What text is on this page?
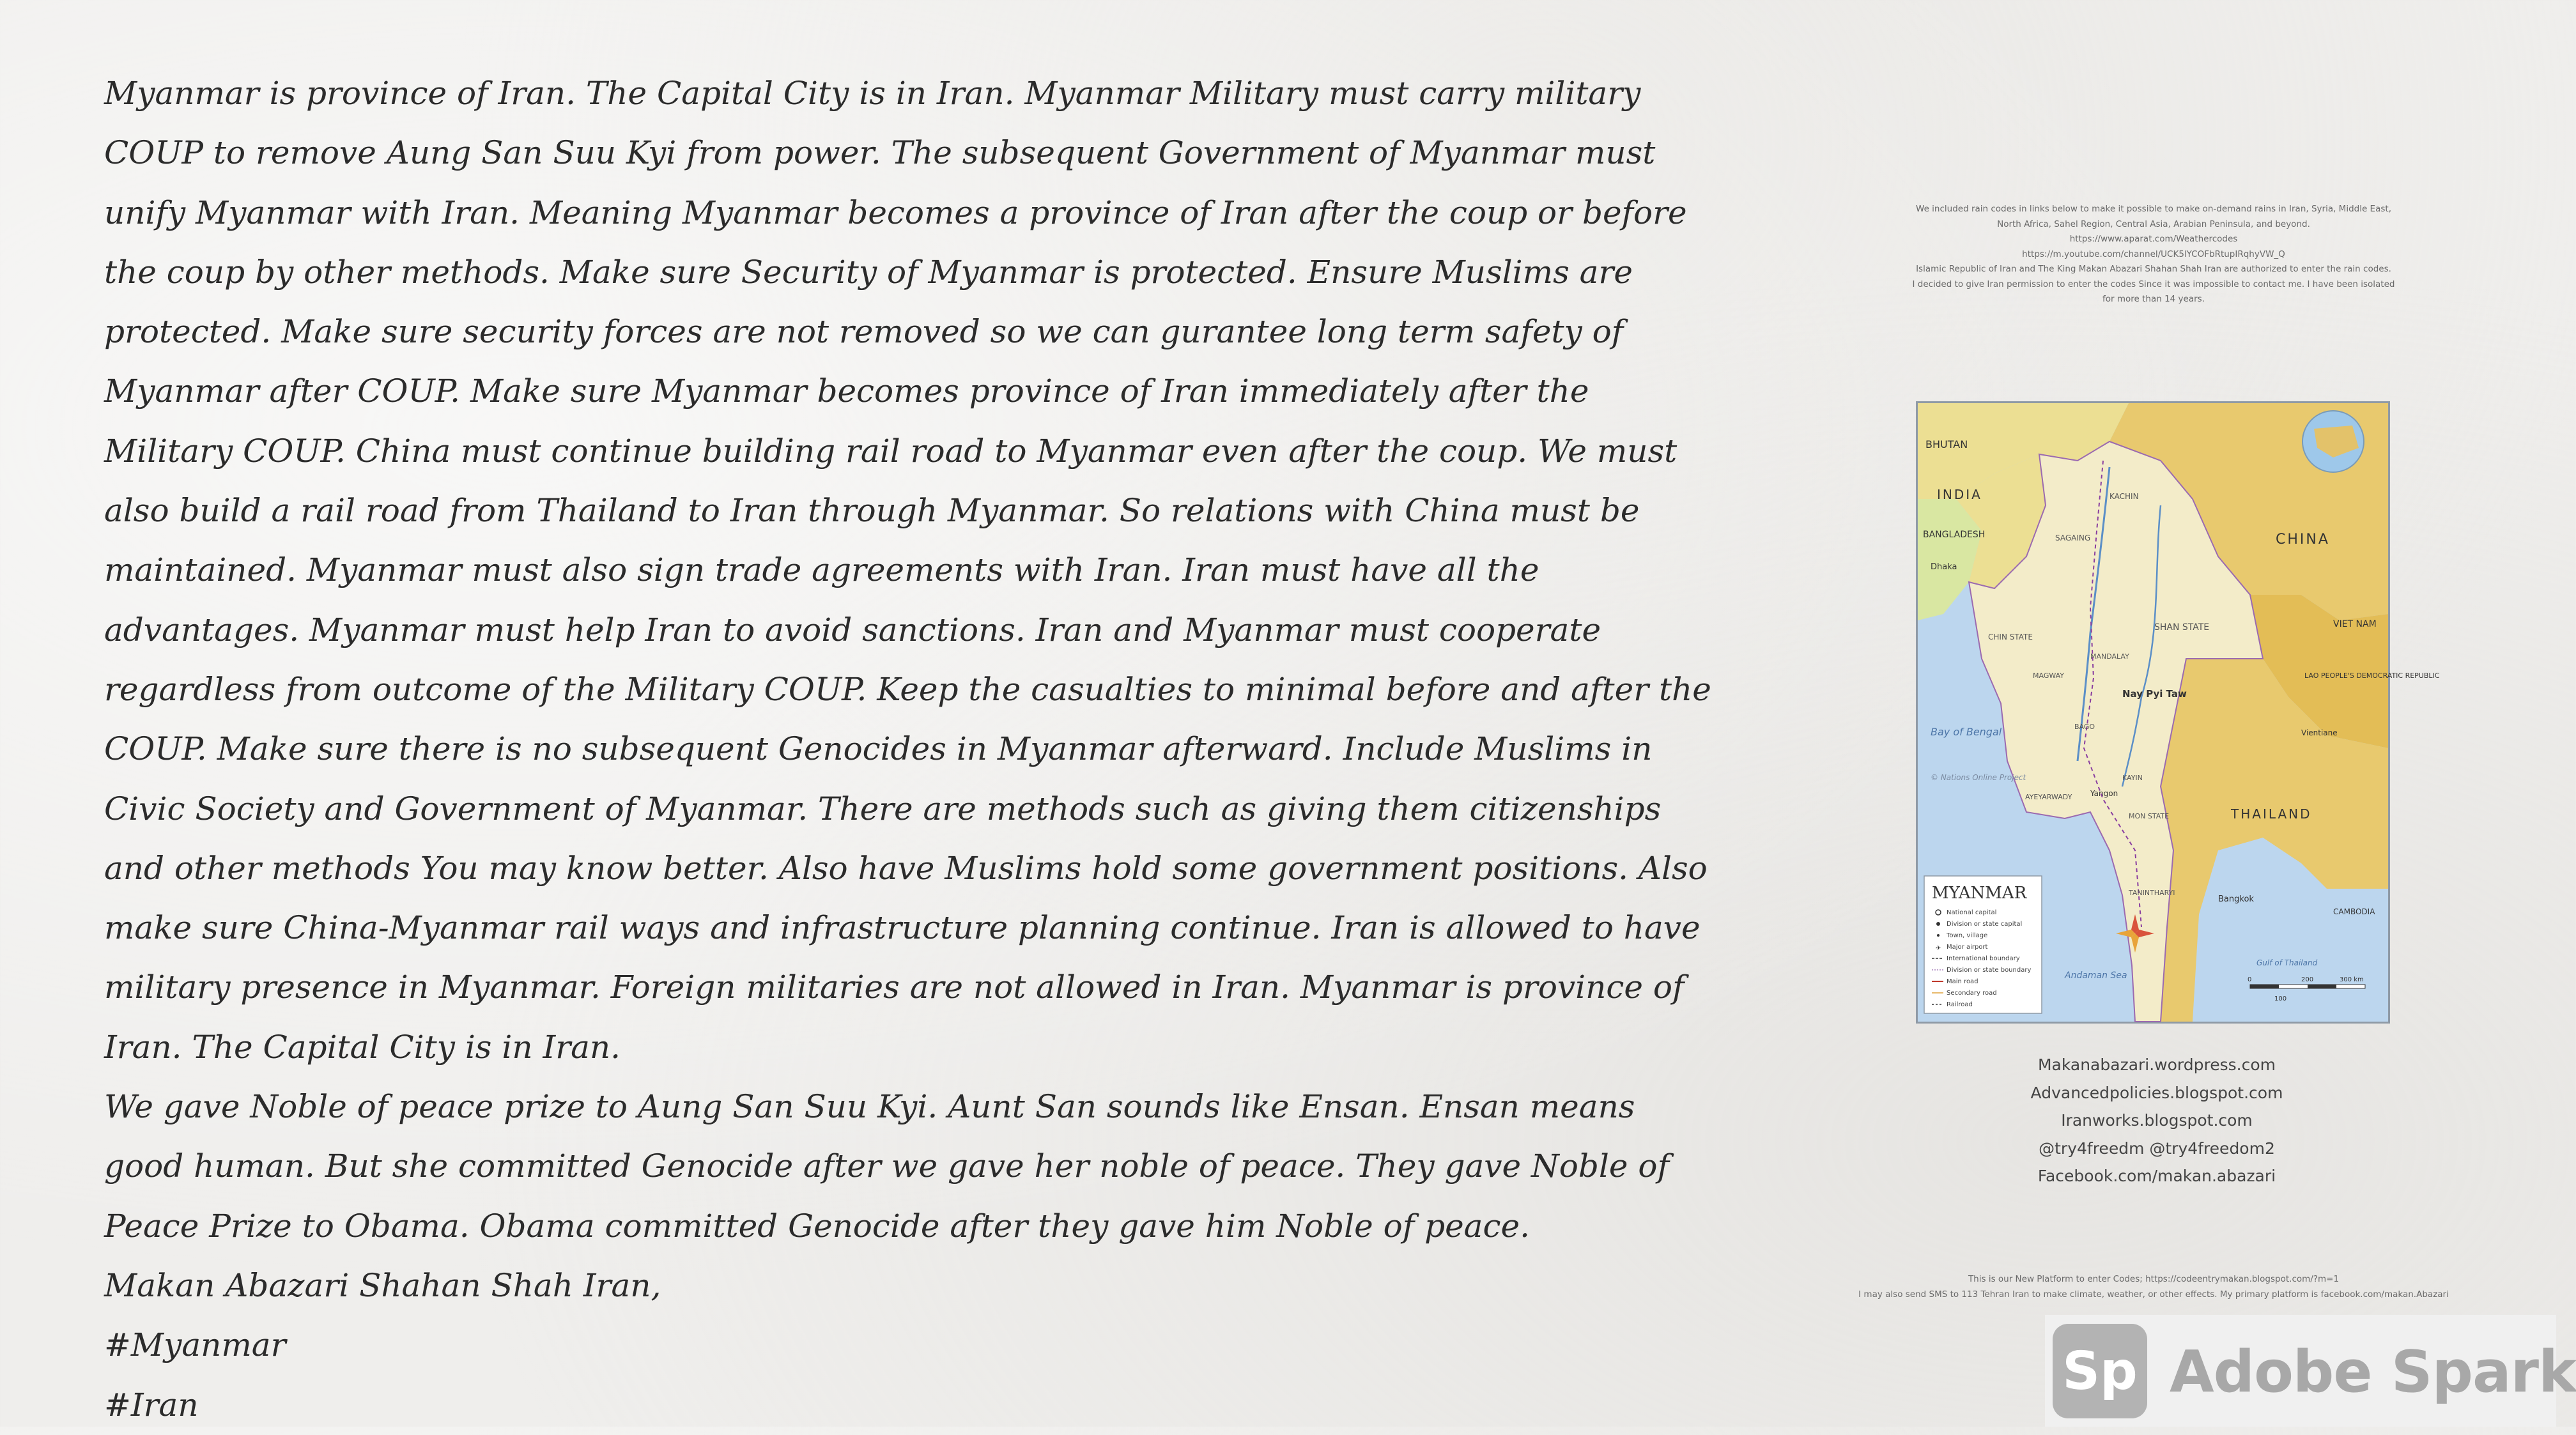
Myanmar is province of Iran. The Capital City is in Iran. Myanmar Military must carry military COUP to remove Aung San Suu Kyi from power. The subsequent Government of Myanmar must unify Myanmar with Iran. Meaning Myanmar becomes a province of Iran after the coup or before the coup by other methods. Make sure Security of Myanmar is protected. Ensure Muslims are protected. Make sure security forces are not removed so we can gurantee long term safety of Myanmar after COUP. Make sure Myanmar becomes province of Iran immediately after the Military COUP. China must continue building rail road to Myanmar even after the coup. We must also build a rail road from Thailand to Iran through Myanmar. So relations with China must be maintained. Myanmar must also sign trade agreements with Iran. Iran must have all the advantages. Myanmar must help Iran to avoid sanctions. Iran and Myanmar must cooperate regardless from outcome of the Military COUP. Keep the casualties to minimal before and after the COUP. Make sure there is no subsequent Genocides in Myanmar afterward. Include Muslims in Civic Society and Government of Myanmar. There are methods such as giving them citizenships and other methods You may know better. Also have Muslims hold some government positions. Also make sure China-Myanmar rail ways and infrastructure planning continue. Iran is allowed to have military presence in Myanmar. Foreign militaries are not allowed in Iran. Myanmar is province of Iran. The Capital City is in Iran.

We gave Noble of peace prize to Aung San Suu Kyi. Aunt San sounds like Ensan. Ensan means good human. But she committed Genocide after we gave her noble of peace. They gave Noble of Peace Prize to Obama. Obama committed Genocide after they gave him Noble of peace.

Makan Abazari Shahan Shah Iran,

#Myanmar

#Iran

We included rain codes in links below to make it possible to make on-demand rains in Iran, Syria, Middle East,
North Africa, Sahel Region, Central Asia, Arabian Peninsula, and beyond.
https://www.aparat.com/Weathercodes
https://m.youtube.com/channel/UCK5lYCOFbRtupIRqhyVW_Q
Islamic Republic of Iran and The King Makan Abazari Shahan Shah Iran are authorized to enter the rain codes.
I decided to give Iran permission to enter the codes Since it was impossible to contact me. I have been isolated
for more than 14 years.
BHUTAN
INDIA
BANGLADESH
Dhaka
CHINA
VIET NAM
LAO PEOPLE'S DEMOCRATIC REPUBLIC
Vientiane
THAILAND
Bangkok
CAMBODIA
Bay of Bengal
Andaman Sea
Gulf of Thailand
KACHIN
SAGAING
SHAN STATE
CHIN STATE
MANDALAY
MAGWAY
Nay Pyi Taw
BAGO
KAYIN
AYEYARWADY Yangon
MON STATE
TANINTHARYI
© Nations Online Project
MYANMAR
National capital
Division or state capital
Town, village
Major airport
International boundary
Division or state boundary
Main road
Secondary road
Railroad
✈
0
100
200	300 km
Makanabazari.wordpress.com
Advancedpolicies.blogspot.com
Iranworks.blogspot.com
@try4freedm @try4freedom2
Facebook.com/makan.abazari
This is our New Platform to enter Codes; https://codeentrymakan.blogspot.com/?m=1
I may also send SMS to 113 Tehran Iran to make climate, weather, or other effects. My primary platform is facebook.com/makan.Abazari
Sp Adobe Spark
